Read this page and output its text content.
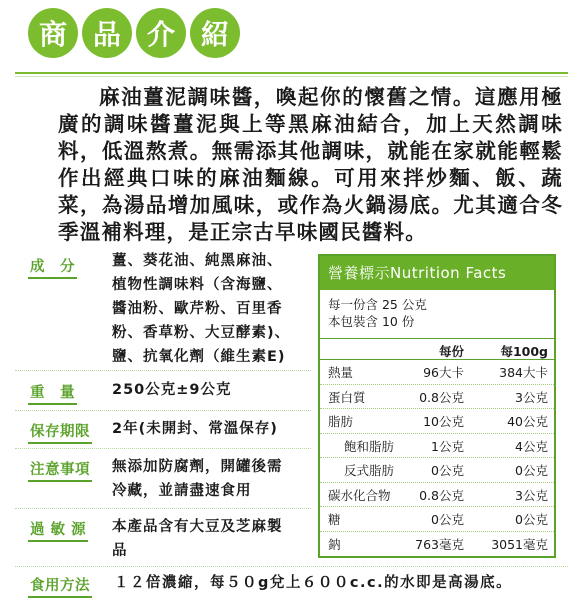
商 品 介 紹
麻油薑泥調味醬，喚起你的懷舊之情。這應用極廣的調味醬薑泥與上等黑麻油結合，加上天然調味料，低溫熬煮。無需添其他調味，就能在家就能輕鬆作出經典口味的麻油麵線。可用來拌炒麵、飯、蔬菜，為湯品增加風味，或作為火鍋湯底。尤其適合冬季溫補料理，是正宗古早味國民醬料。
成　分	薑、葵花油、純黑麻油、
植物性調味料（含海鹽、
醬油粉、歐芹粉、百里香
粉、香草粉、大豆酵素)、
鹽、抗氧化劑（維生素E)
重　量	250公克±9公克
保存期限 2年(未開封、常溫保存)
注意事項 無添加防腐劑，開罐後需
冷藏，並請盡速食用
過 敏 源 本產品含有大豆及芝麻製
品
食用方法 １２倍濃縮，每５０g兌上６００c.c.的水即是高湯底。
營養標示Nutrition Facts
每一份含 25 公克
本包裝含 10 份
每份	每100g
熱量	96大卡	384大卡
蛋白質	0.8公克	3公克
脂肪	10公克	40公克
飽和脂肪	1公克	4公克
反式脂肪	0公克	0公克
碳水化合物 0.8公克	3公克
糖	0公克	0公克
鈉	763毫克 3051毫克
